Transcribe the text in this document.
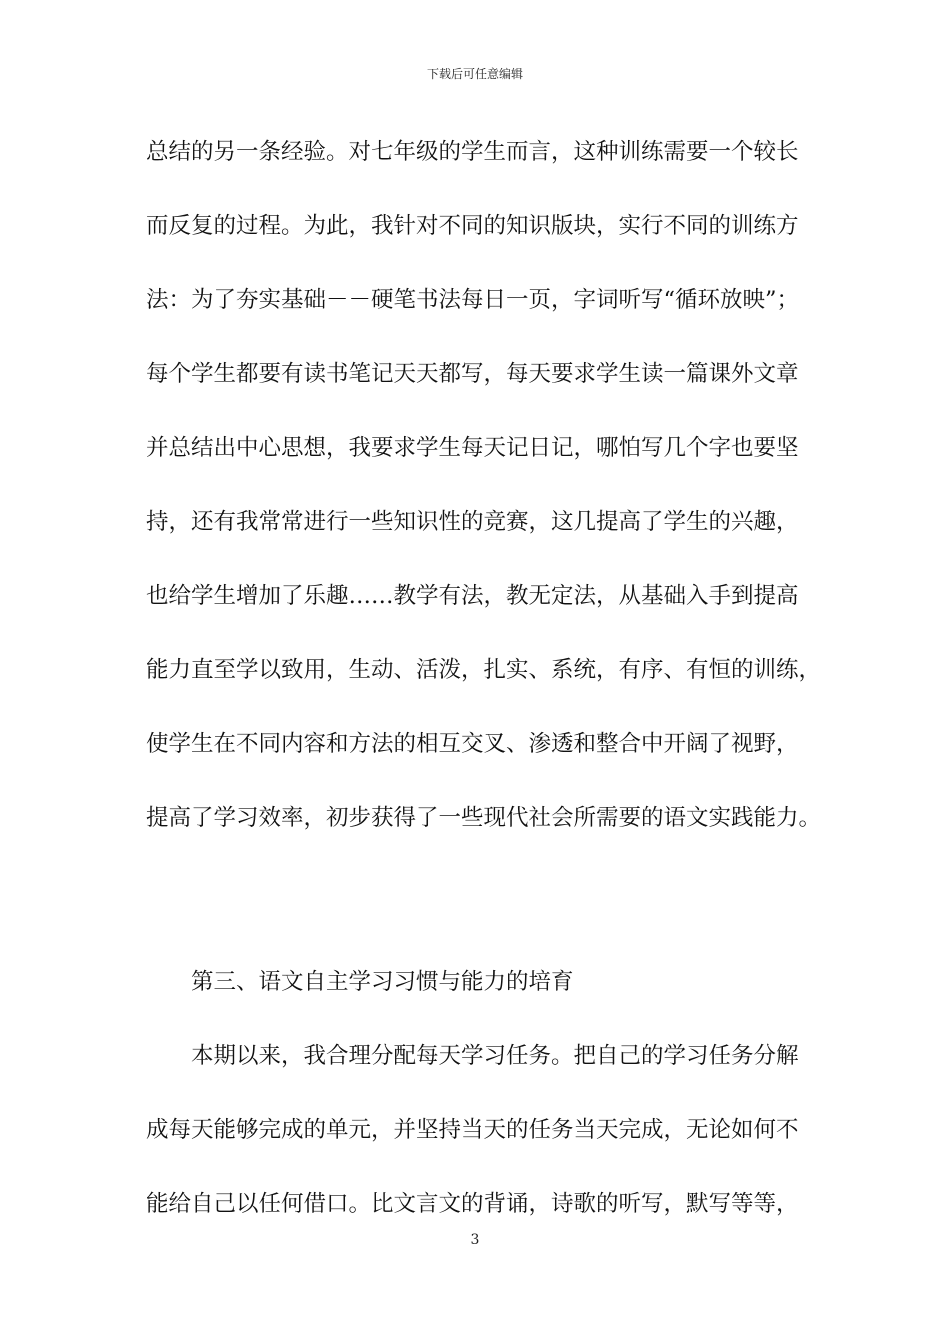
下载后可任意编辑
总结的另一条经验。对七年级的学生而言，这种训练需要一个较长
而反复的过程。为此，我针对不同的知识版块，实行不同的训练方
法：为了夯实基础－－硬笔书法每日一页，字词听写“循环放映”；
每个学生都要有读书笔记天天都写，每天要求学生读一篇课外文章
并总结出中心思想，我要求学生每天记日记，哪怕写几个字也要坚
持，还有我常常进行一些知识性的竞赛，这几提高了学生的兴趣，
也给学生增加了乐趣……教学有法，教无定法，从基础入手到提高
能力直至学以致用，生动、活泼，扎实、系统，有序、有恒的训练，
使学生在不同内容和方法的相互交叉、渗透和整合中开阔了视野，
提高了学习效率，初步获得了一些现代社会所需要的语文实践能力。
第三、语文自主学习习惯与能力的培育
本期以来，我合理分配每天学习任务。把自己的学习任务分解
成每天能够完成的单元，并坚持当天的任务当天完成，无论如何不
能给自己以任何借口。比文言文的背诵，诗歌的听写，默写等等，
3
